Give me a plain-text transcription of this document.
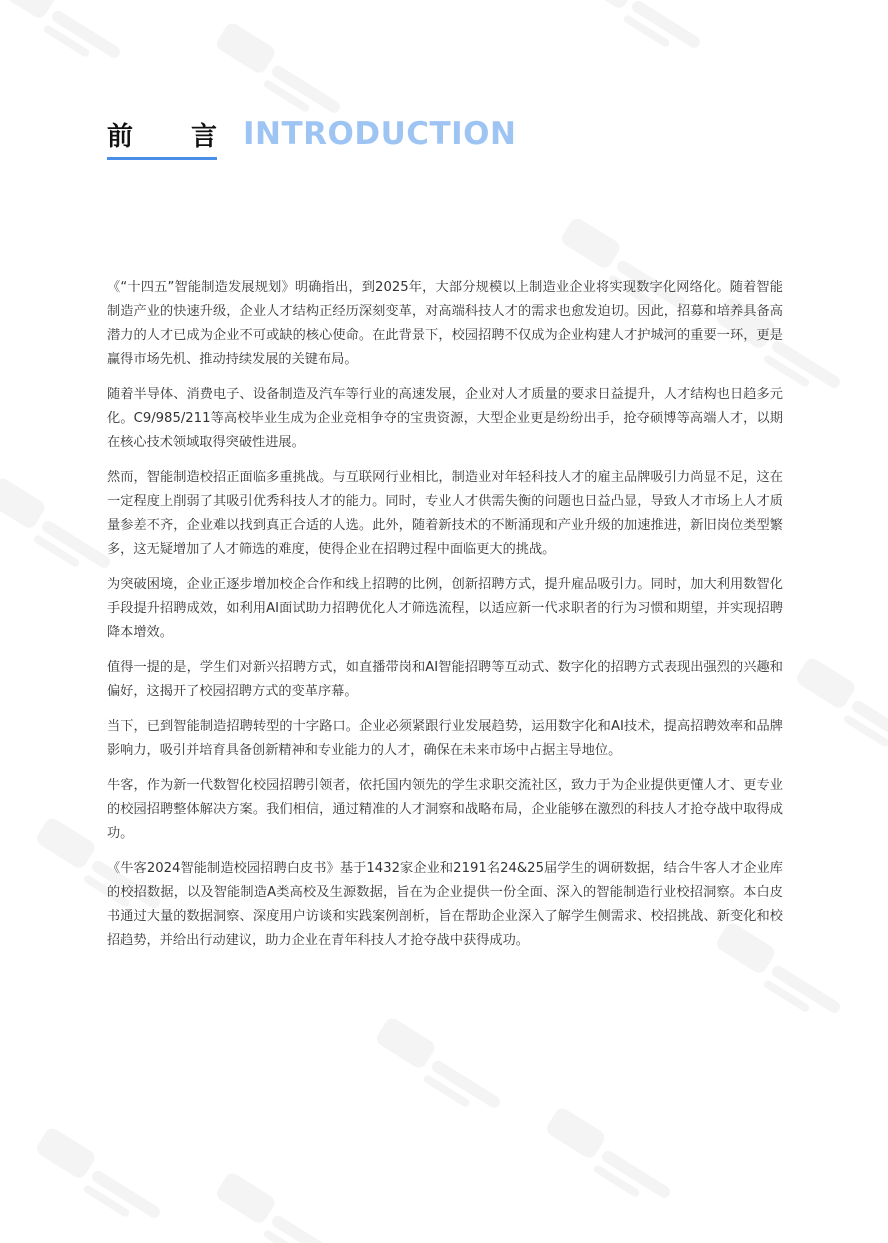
前 言 INTRODUCTION

《“十四五”智能制造发展规划》明确指出，到2025年，大部分规模以上制造业企业将实现数字化网络化。随着智能制造产业的快速升级，企业人才结构正经历深刻变革，对高端科技人才的需求也愈发迫切。因此，招募和培养具备高潜力的人才已成为企业不可或缺的核心使命。在此背景下，校园招聘不仅成为企业构建人才护城河的重要一环，更是赢得市场先机、推动持续发展的关键布局。

随着半导体、消费电子、设备制造及汽车等行业的高速发展，企业对人才质量的要求日益提升，人才结构也日趋多元化。C9/985/211等高校毕业生成为企业竞相争夺的宝贵资源，大型企业更是纷纷出手，抢夺硕博等高端人才，以期在核心技术领域取得突破性进展。

然而，智能制造校招正面临多重挑战。与互联网行业相比，制造业对年轻科技人才的雇主品牌吸引力尚显不足，这在一定程度上削弱了其吸引优秀科技人才的能力。同时，专业人才供需失衡的问题也日益凸显，导致人才市场上人才质量参差不齐，企业难以找到真正合适的人选。此外，随着新技术的不断涌现和产业升级的加速推进，新旧岗位类型繁多，这无疑增加了人才筛选的难度，使得企业在招聘过程中面临更大的挑战。

为突破困境，企业正逐步增加校企合作和线上招聘的比例，创新招聘方式，提升雇品吸引力。同时，加大利用数智化手段提升招聘成效，如利用AI面试助力招聘优化人才筛选流程，以适应新一代求职者的行为习惯和期望，并实现招聘降本增效。

值得一提的是，学生们对新兴招聘方式，如直播带岗和AI智能招聘等互动式、数字化的招聘方式表现出强烈的兴趣和偏好，这揭开了校园招聘方式的变革序幕。

当下，已到智能制造招聘转型的十字路口。企业必须紧跟行业发展趋势，运用数字化和AI技术，提高招聘效率和品牌影响力，吸引并培育具备创新精神和专业能力的人才，确保在未来市场中占据主导地位。

牛客，作为新一代数智化校园招聘引领者，依托国内领先的学生求职交流社区，致力于为企业提供更懂人才、更专业的校园招聘整体解决方案。我们相信，通过精准的人才洞察和战略布局，企业能够在激烈的科技人才抢夺战中取得成功。

《牛客2024智能制造校园招聘白皮书》基于1432家企业和2191名24&25届学生的调研数据，结合牛客人才企业库的校招数据，以及智能制造A类高校及生源数据，旨在为企业提供一份全面、深入的智能制造行业校招洞察。本白皮书通过大量的数据洞察、深度用户访谈和实践案例剖析，旨在帮助企业深入了解学生侧需求、校招挑战、新变化和校招趋势，并给出行动建议，助力企业在青年科技人才抢夺战中获得成功。
